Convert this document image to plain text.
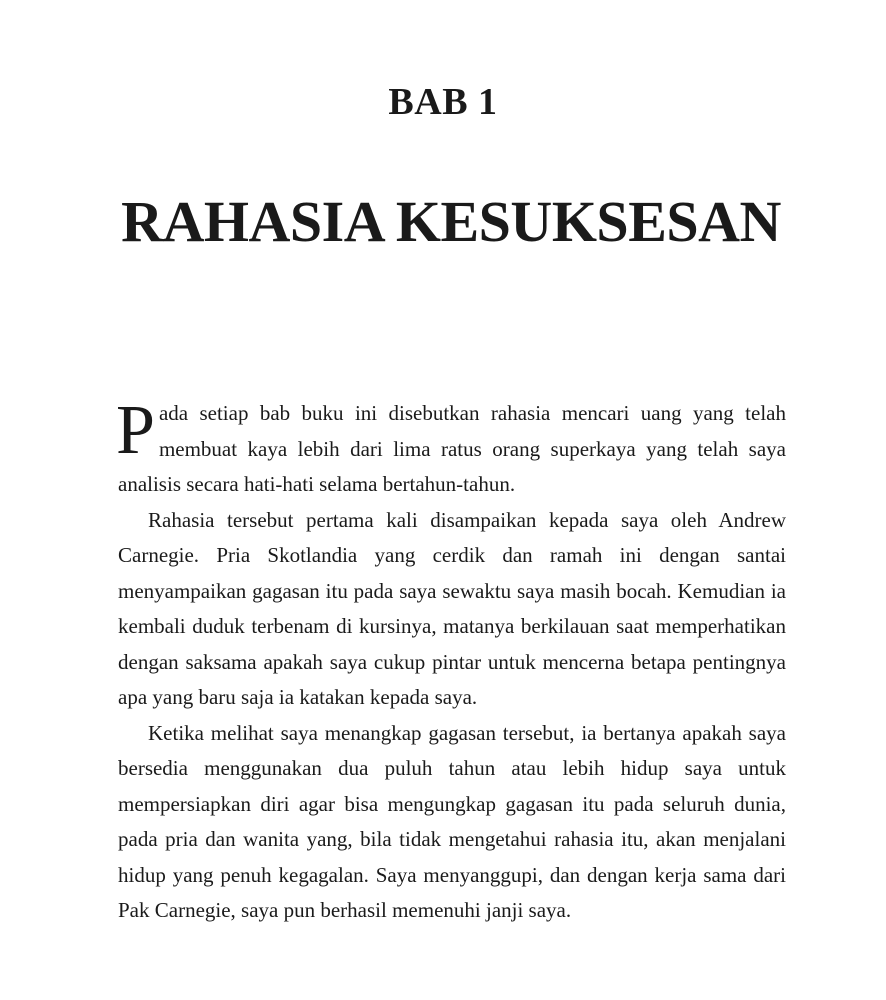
BAB 1
RAHASIA KESUKSESAN

Pada setiap bab buku ini disebutkan rahasia mencari uang yang telah membuat kaya lebih dari lima ratus orang superkaya yang telah saya analisis secara hati-hati selama bertahun-tahun.

Rahasia tersebut pertama kali disampaikan kepada saya oleh Andrew Carnegie. Pria Skotlandia yang cerdik dan ramah ini dengan santai menyampaikan gagasan itu pada saya sewaktu saya masih bocah. Kemudian ia kembali duduk terbenam di kursinya, matanya berkilauan saat memperhatikan dengan saksama apakah saya cukup pintar untuk mencerna betapa pentingnya apa yang baru saja ia katakan kepada saya.

Ketika melihat saya menangkap gagasan tersebut, ia bertanya apakah saya bersedia menggunakan dua puluh tahun atau lebih hidup saya untuk mempersiapkan diri agar bisa mengungkap gagasan itu pada seluruh dunia, pada pria dan wanita yang, bila tidak mengetahui rahasia itu, akan menjalani hidup yang penuh kegagalan. Saya menyanggupi, dan dengan kerja sama dari Pak Carnegie, saya pun berhasil memenuhi janji saya.
